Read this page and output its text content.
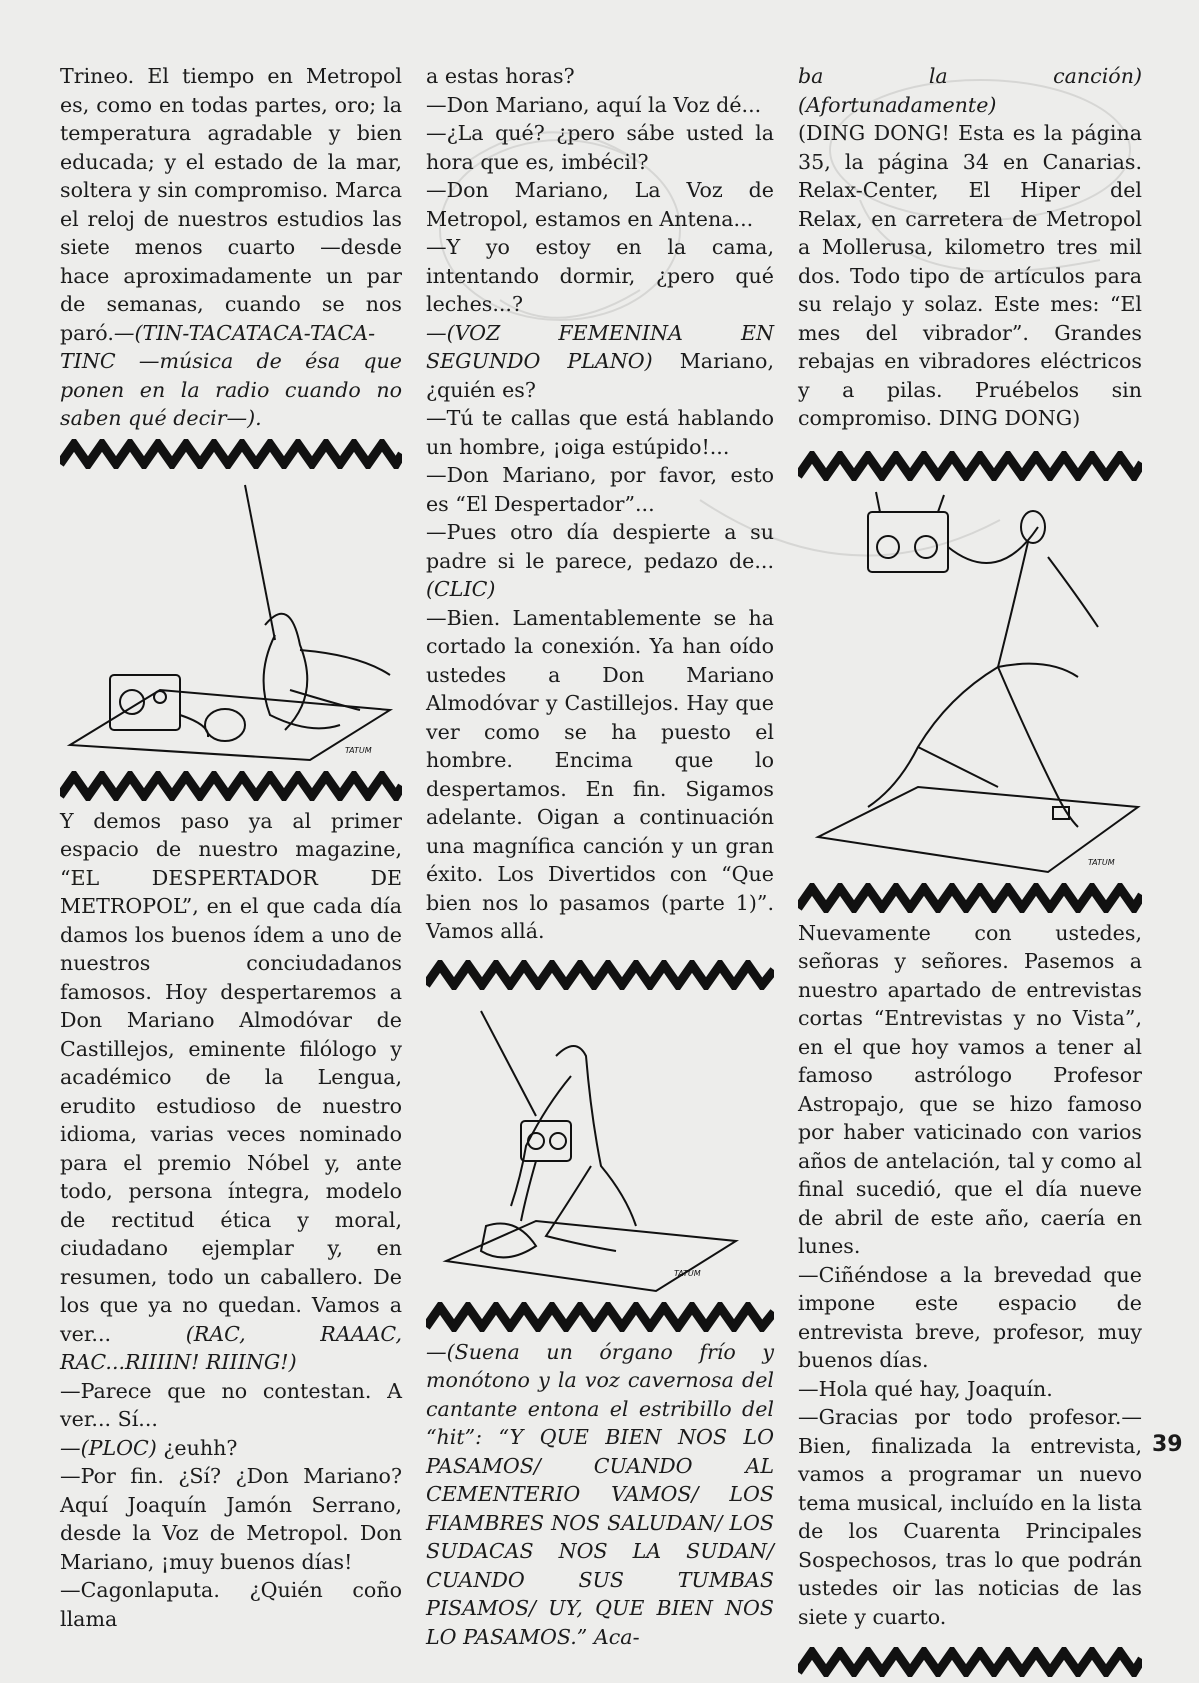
Trineo. El tiempo en Metropol es, como en todas partes, oro; la temperatura agradable y bien educada; y el estado de la mar, soltera y sin compromiso. Marca el reloj de nuestros estudios las siete menos cuarto —desde hace aproximadamente un par de semanas, cuando se nos paró.—(TIN-TACATACA-TACA-TINC —música de ésa que ponen en la radio cuando no saben qué decir—).

TATUM

Y demos paso ya al primer espacio de nuestro magazine, “EL DESPERTADOR DE METROPOL”, en el que cada día damos los buenos ídem a uno de nuestros conciudadanos famosos. Hoy despertaremos a Don Mariano Almodóvar de Castillejos, eminente filólogo y académico de la Lengua, erudito estudioso de nuestro idioma, varias veces nominado para el premio Nóbel y, ante todo, persona íntegra, modelo de rectitud ética y moral, ciudadano ejemplar y, en resumen, todo un caballero. De los que ya no quedan. Vamos a ver...	(RAC, RAAAC, RAC...RIIIIN! RIIING!)

—Parece que no contestan. A ver... Sí...

—(PLOC) ¿euhh?

—Por fin. ¿Sí? ¿Don Mariano? Aquí Joaquín Jamón Serrano, desde la Voz de Metropol. Don Mariano, ¡muy buenos días!

—Cagonlaputa. ¿Quién coño llama

a estas horas?

—Don Mariano, aquí la Voz dé...

—¿La qué? ¿pero sábe usted la hora que es, imbécil?

—Don Mariano, La Voz de Metropol, estamos en Antena...

—Y yo estoy en la cama, intentando dormir, ¿pero qué leches...?

—(VOZ FEMENINA EN SEGUNDO PLANO) Mariano, ¿quién es?

—Tú te callas que está hablando un hombre, ¡oiga estúpido!...

—Don Mariano, por favor, esto es “El Despertador”...

—Pues otro día despierte a su padre si le parece, pedazo de...(CLIC)

—Bien. Lamentablemente se ha cortado la conexión. Ya han oído ustedes a Don Mariano Almodóvar y Castillejos. Hay que ver como se ha puesto el hombre. Encima que lo despertamos. En fin. Sigamos adelante. Oigan a continuación una magnífica canción y un gran éxito. Los Divertidos con “Que bien nos lo pasamos (parte 1)”. Vamos allá.

TATUM

—(Suena un órgano frío y monótono y la voz cavernosa del cantante entona el estribillo del “hit”: “Y QUE BIEN NOS LO PASAMOS/ CUANDO AL CEMENTERIO VAMOS/ LOS FIAMBRES NOS SALUDAN/ LOS SUDACAS NOS LA SUDAN/ CUANDO SUS TUMBAS PISAMOS/ UY, QUE BIEN NOS LO PASAMOS.” Aca-

ba la canción) (Afortunadamente)

(DING DONG! Esta es la página 35, la página 34 en Canarias. Relax-Center, El Hiper del Relax, en carretera de Metropol a Mollerusa, kilometro tres mil dos. Todo tipo de artículos para su relajo y solaz. Este mes: “El mes del vibrador”. Grandes rebajas en vibradores eléctricos y a pilas. Pruébelos sin compromiso. DING DONG)

TATUM

Nuevamente con ustedes, señoras y señores. Pasemos a nuestro apartado de entrevistas cortas “Entrevistas y no Vista”, en el que hoy vamos a tener al famoso astrólogo Profesor Astropajo, que se hizo famoso por haber vaticinado con varios años de antelación, tal y como al final sucedió, que el día nueve de abril de este año, caería en lunes.

—Ciñéndose a la brevedad que impone este espacio de entrevista breve, profesor, muy buenos días.

—Hola qué hay, Joaquín.

—Gracias por todo profesor.— Bien, finalizada la entrevista, vamos a programar un nuevo tema musical, incluído en la lista de los Cuarenta Principales Sospechosos, tras lo que podrán ustedes oir las noticias de las siete y cuarto.

39
